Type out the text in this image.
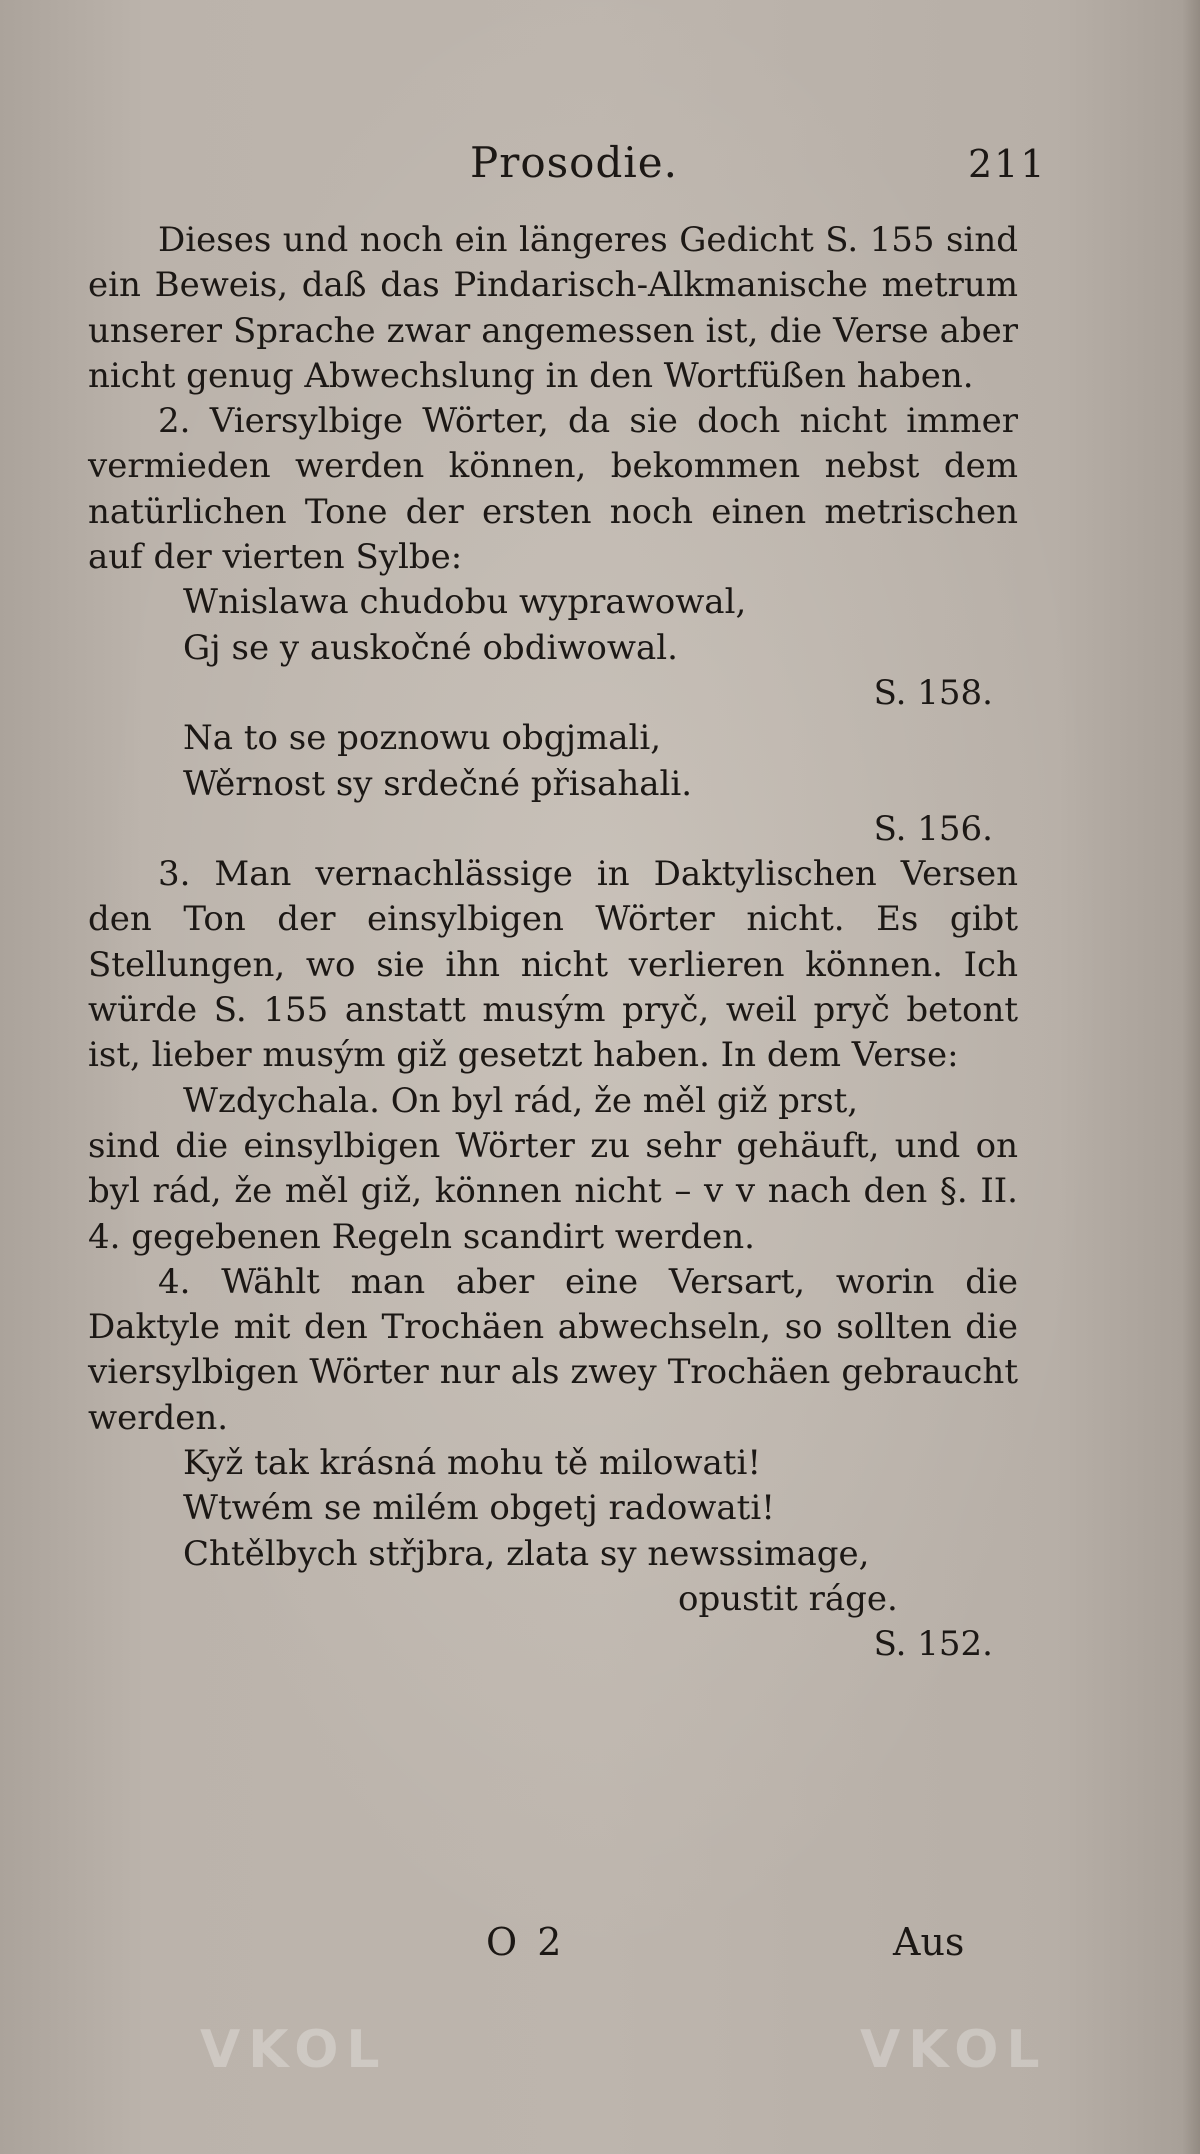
Prosodie.	211

Dieses und noch ein längeres Gedicht S. 155 sind ein Beweis, daß das Pindarisch-Alkmanische metrum unserer Sprache zwar angemessen ist, die Verse aber nicht genug Abwechslung in den Wortfüßen haben.

2. Viersylbige Wörter, da sie doch nicht immer vermieden werden können, bekommen nebst dem natürlichen Tone der ersten noch einen metrischen auf der vierten Sylbe:

Wnislawa chudobu wyprawowal,
Gj se y auskočné obdiwowal.
S. 158.
Na to se poznowu obgjmali,
Wěrnost sy srdečné přisahali.
S. 156.

3. Man vernachlässige in Daktylischen Versen den Ton der einsylbigen Wörter nicht. Es gibt Stellungen, wo sie ihn nicht verlieren können. Ich würde S. 155 anstatt musým pryč, weil pryč betont ist, lieber musým giž gesetzt haben. In dem Verse:

Wzdychala. On byl rád, že měl giž prst,

sind die einsylbigen Wörter zu sehr gehäuft, und on byl rád, že měl giž, können nicht – v v nach den §. II. 4. gegebenen Regeln scandirt werden.

4. Wählt man aber eine Versart, worin die Daktyle mit den Trochäen abwechseln, so sollten die viersylbigen Wörter nur als zwey Trochäen gebraucht werden.

Kyž tak krásná mohu tě milowati!
Wtwém se milém obgetj radowati!
Chtělbych střjbra, zlata sy newssimage,
opustit ráge.
S. 152.
O 2	Aus
VKOL	VKOL
